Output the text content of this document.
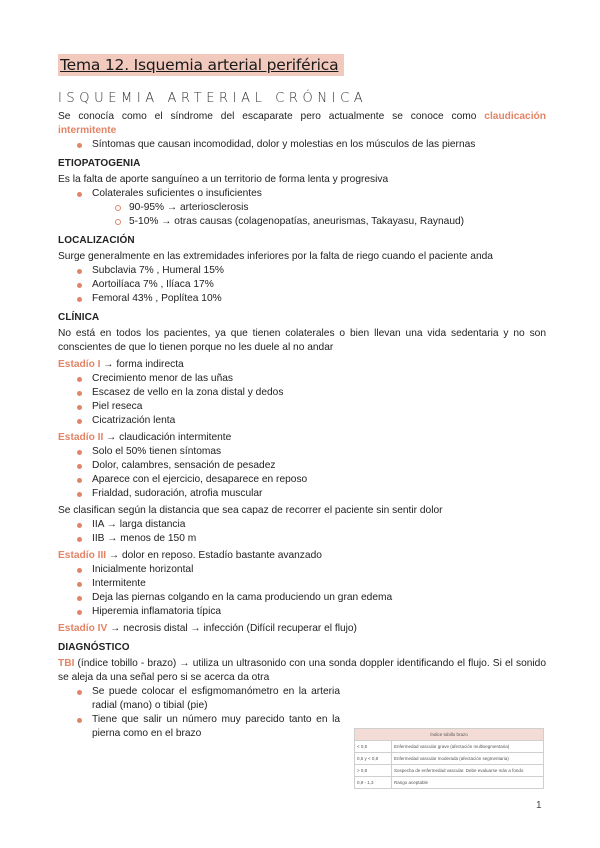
Tema 12. Isquemia arterial periférica
ISQUEMIA ARTERIAL CRÓNICA

Se conocía como el síndrome del escaparate pero actualmente se conoce como claudicación intermitente

Síntomas que causan incomodidad, dolor y molestias en los músculos de las piernas
ETIOPATOGENIA

Es la falta de aporte sanguíneo a un territorio de forma lenta y progresiva

Colaterales suficientes o insuficientes
90-95% → arteriosclerosis
5-10% → otras causas (colagenopatías, aneurismas, Takayasu, Raynaud)
LOCALIZACIÓN

Surge generalmente en las extremidades inferiores por la falta de riego cuando el paciente anda

Subclavia 7% , Humeral 15%
Aortoilíaca 7% , Ilíaca 17%
Femoral 43% , Poplítea 10%
CLÍNICA

No está en todos los pacientes, ya que tienen colaterales o bien llevan una vida sedentaria y no son conscientes de que lo tienen porque no les duele al no andar

Estadío I → forma indirecta

Crecimiento menor de las uñas
Escasez de vello en la zona distal y dedos
Piel reseca
Cicatrización lenta

Estadío II → claudicación intermitente

Solo el 50% tienen síntomas
Dolor, calambres, sensación de pesadez
Aparece con el ejercicio, desaparece en reposo
Frialdad, sudoración, atrofia muscular

Se clasifican según la distancia que sea capaz de recorrer el paciente sin sentir dolor

IIA → larga distancia
IIB → menos de 150 m

Estadío III → dolor en reposo. Estadío bastante avanzado

Inicialmente horizontal
Intermitente
Deja las piernas colgando en la cama produciendo un gran edema
Hiperemia inflamatoria típica

Estadío IV → necrosis distal → infección (Difícil recuperar el flujo)

DIAGNÓSTICO

TBI (índice tobillo - brazo) → utiliza un ultrasonido con una sonda doppler identificando el flujo. Si el sonido se aleja da una señal pero si se acerca da otra

Se puede colocar el esfigmomanómetro en la arteria radial (mano) o tibial (pie)
Tiene que salir un número muy parecido tanto en la pierna como en el brazo	Índice tobillo brazo	
< 0,5	Enfermedad vascular grave (afectación multisegmentaria)
0,5 y < 0,8	Enfermedad vascular moderada (afectación segmentaria)
> 0,8	Sospecha de enfermedad vascular. Debe evaluarse más a fondo
0,9 - 1,3	Rango aceptable
1
